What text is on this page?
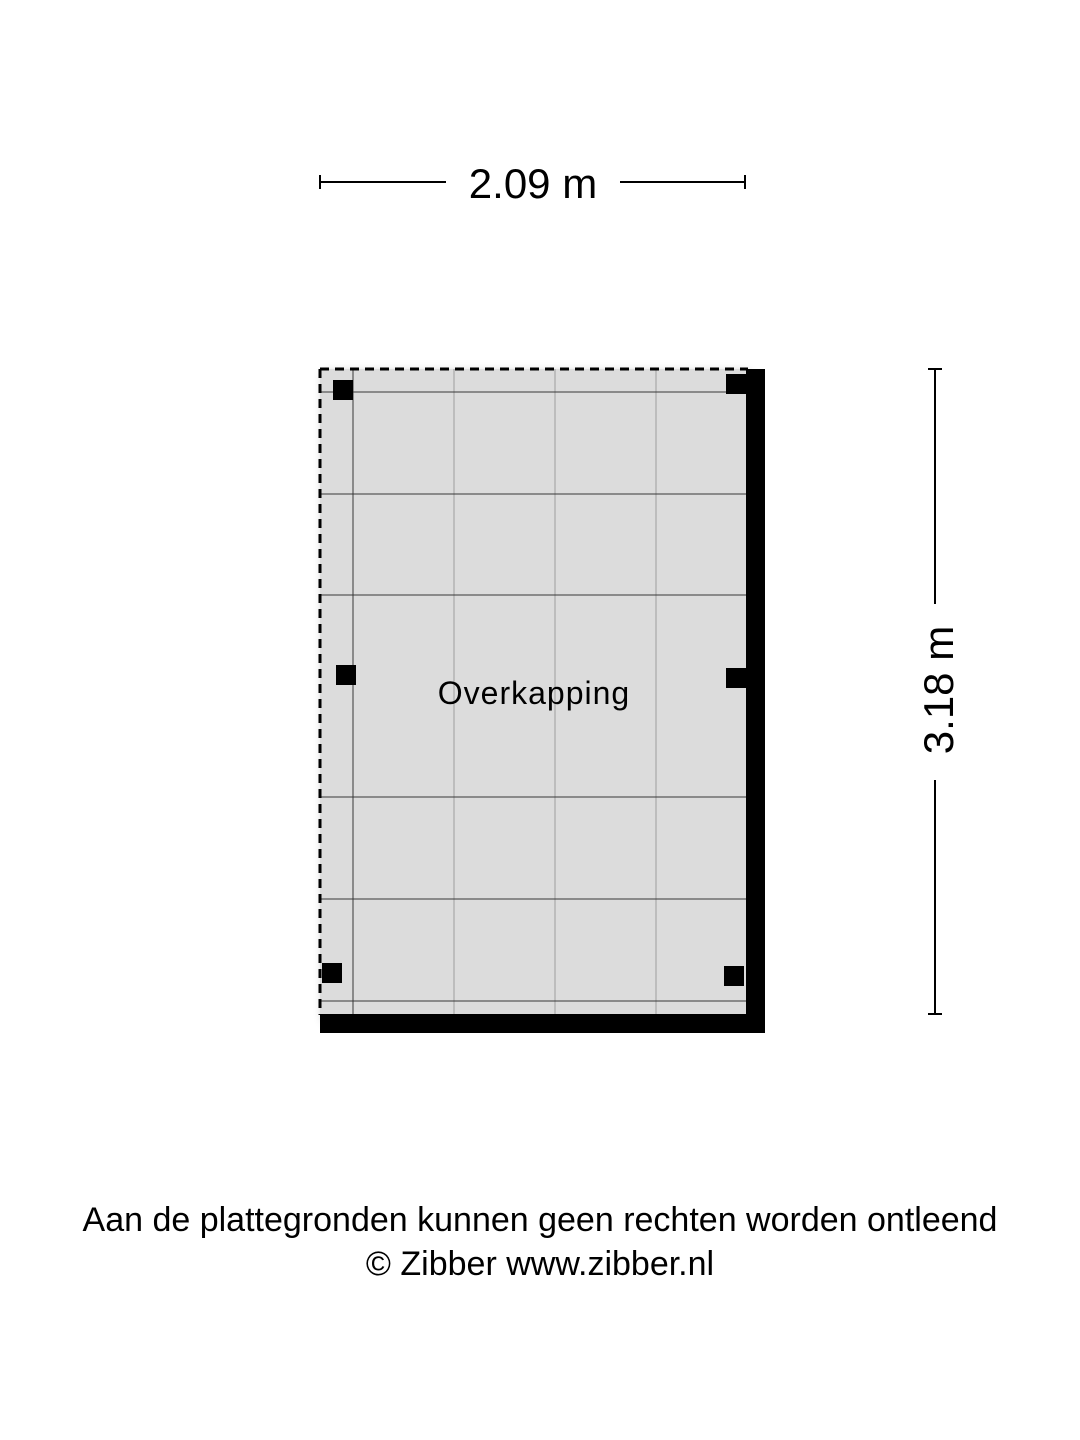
2.09 m
3.18 m
Overkapping
Aan de plattegronden kunnen geen rechten worden ontleend
© Zibber www.zibber.nl
